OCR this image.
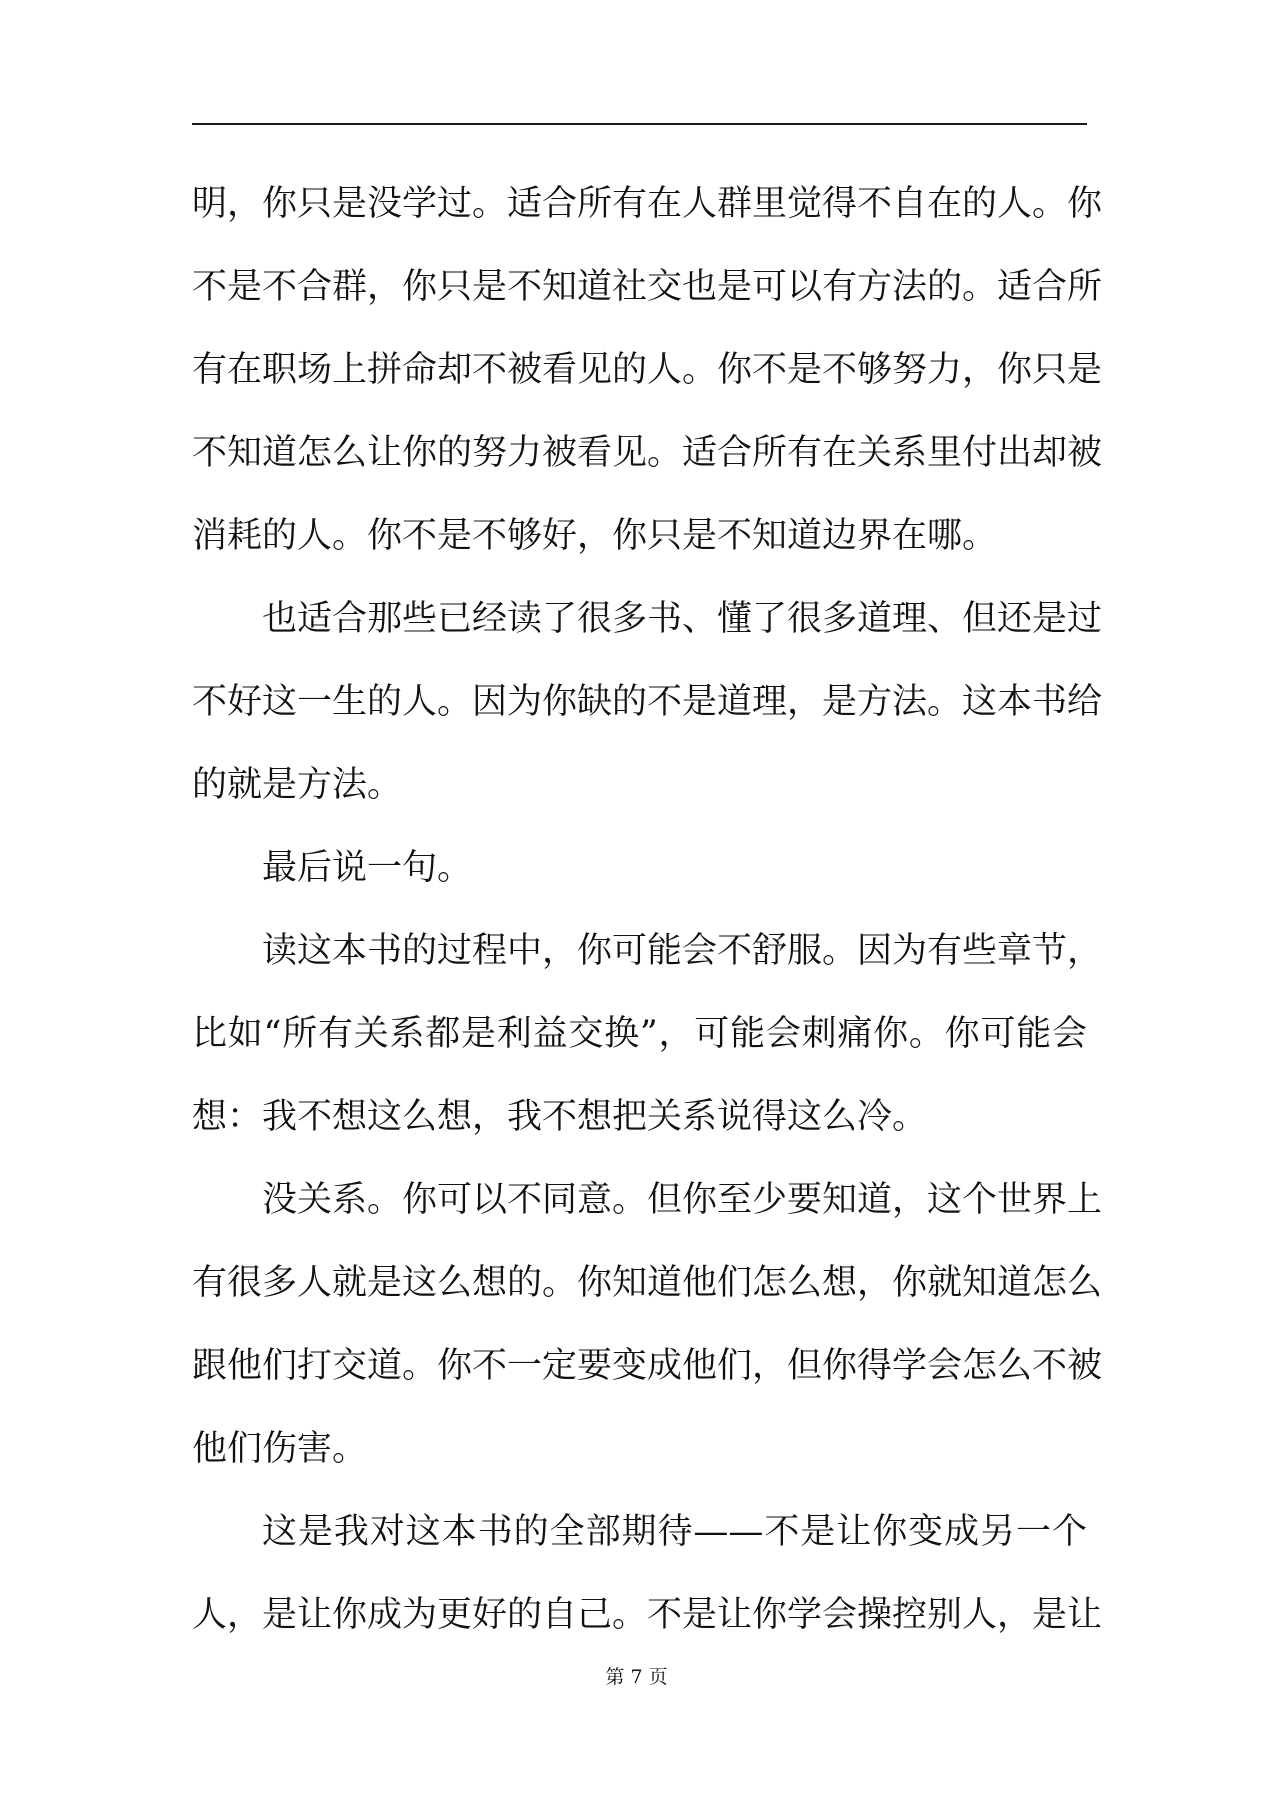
明，你只是没学过。适合所有在人群里觉得不自在的人。你
不是不合群，你只是不知道社交也是可以有方法的。适合所
有在职场上拼命却不被看见的人。你不是不够努力，你只是
不知道怎么让你的努力被看见。适合所有在关系里付出却被
消耗的人。你不是不够好，你只是不知道边界在哪。
也适合那些已经读了很多书、懂了很多道理、但还是过
不好这一生的人。因为你缺的不是道理，是方法。这本书给
的就是方法。
最后说一句。
读这本书的过程中，你可能会不舒服。因为有些章节，
比如“所有关系都是利益交换”，可能会刺痛你。你可能会
想：我不想这么想，我不想把关系说得这么冷。
没关系。你可以不同意。但你至少要知道，这个世界上
有很多人就是这么想的。你知道他们怎么想，你就知道怎么
跟他们打交道。你不一定要变成他们，但你得学会怎么不被
他们伤害。
这是我对这本书的全部期待——不是让你变成另一个
人，是让你成为更好的自己。不是让你学会操控别人，是让
第 7 页
